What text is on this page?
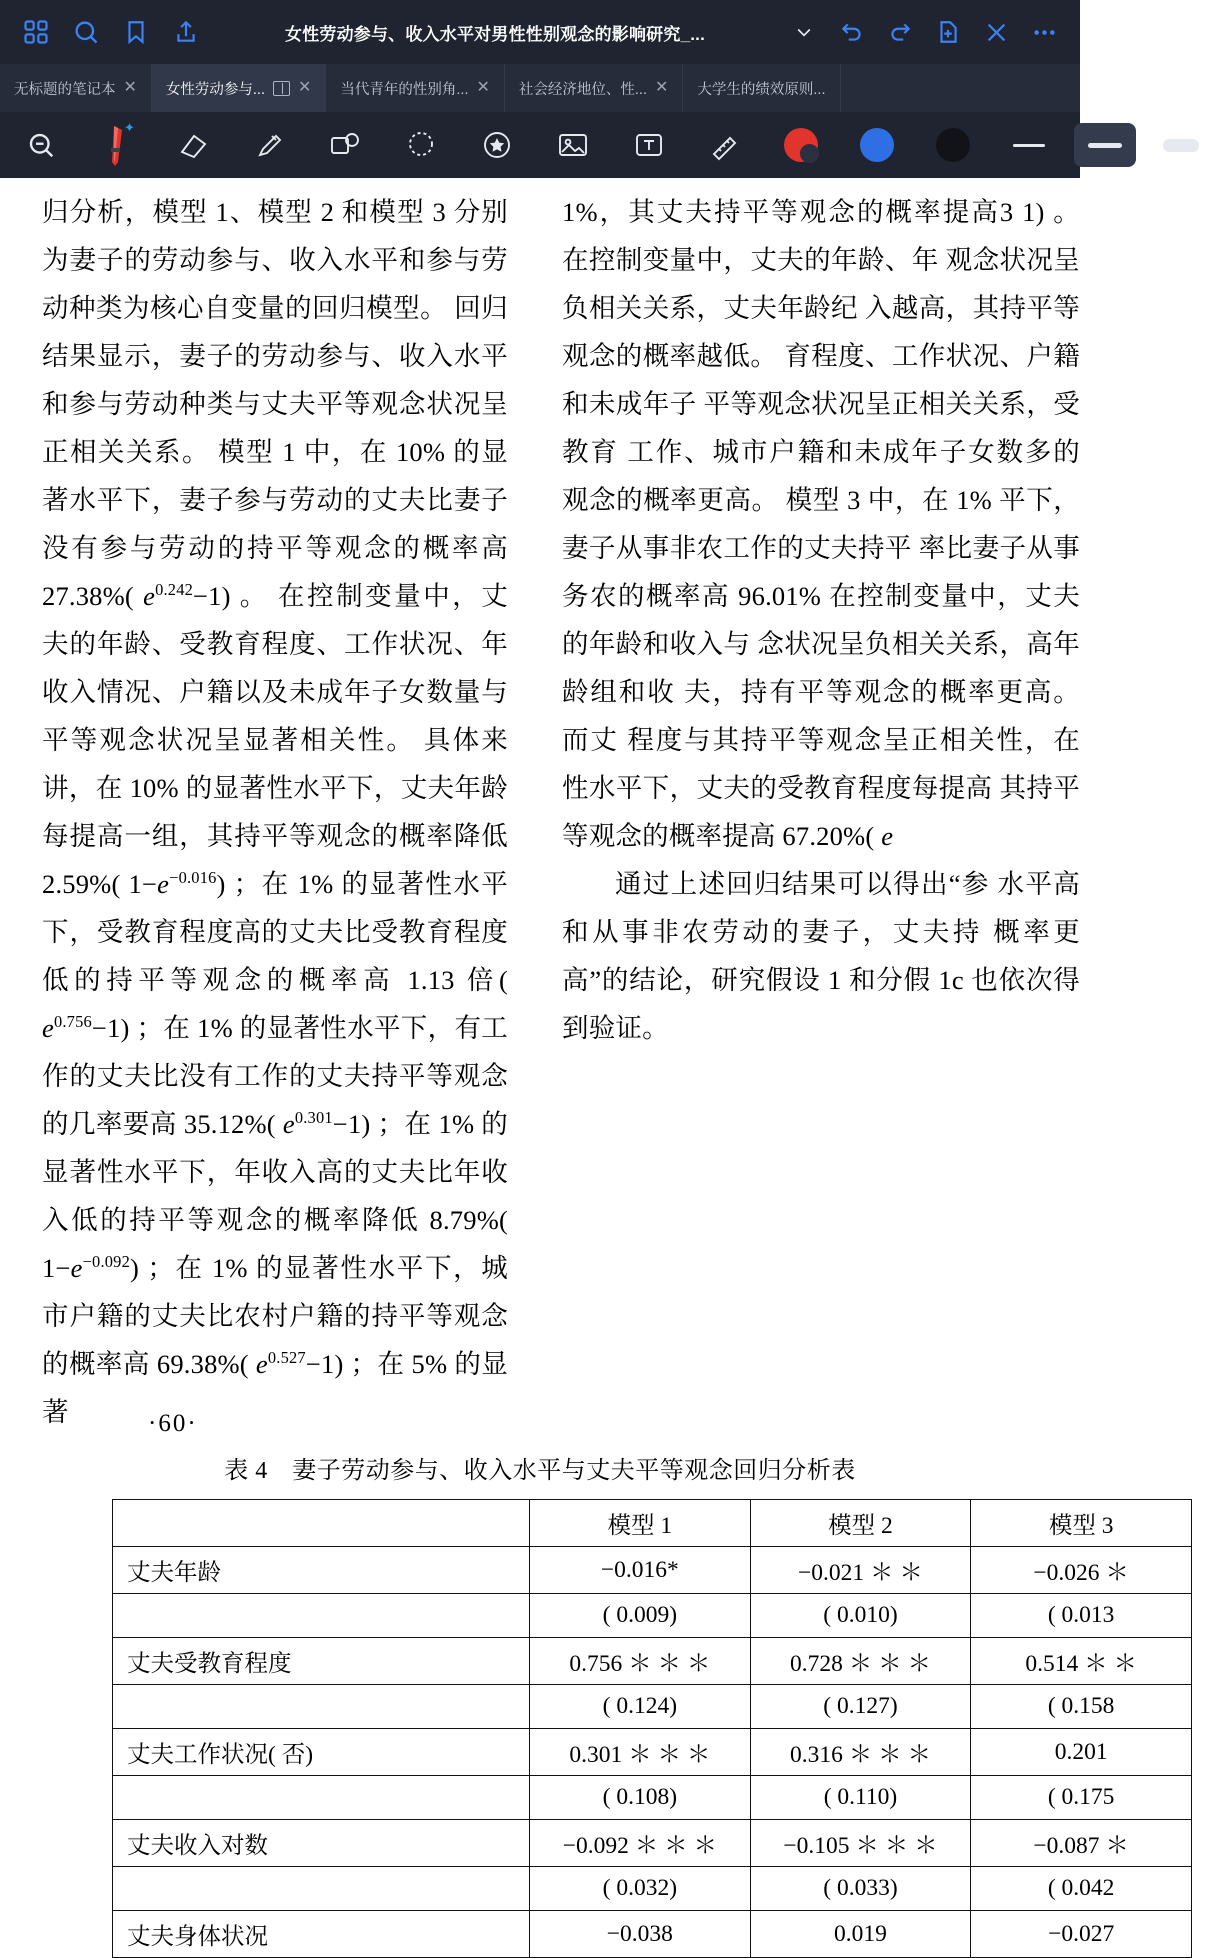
女性劳动参与、收入水平对男性性别观念的影响研究_...
无标题的笔记本 ✕ 女性劳动参与... ✕ 当代青年的性别角... ✕ 社会经济地位、性... ✕ 大学生的绩效原则...
✦
归分析，模型 1、模型 2 和模型 3 分别为妻子的劳动参与、收入水平和参与劳动种类为核心自变量的回归模型。 回归结果显示，妻子的劳动参与、收入水平和参与劳动种类与丈夫平等观念状况呈正相关关系。 模型 1 中，在 10% 的显著水平下，妻子参与劳动的丈夫比妻子没有参与劳动的持平等观念的概率高 27.38%( $e^{0.242}-1$) 。 在控制变量中，丈夫的年龄、受教育程度、工作状况、年收入情况、户籍以及未成年子女数量与平等观念状况呈显著相关性。 具体来讲，在 10% 的显著性水平下，丈夫年龄每提高一组，其持平等观念的概率降低 2.59%( $1-e^{-0.016}$) ；在 1% 的显著性水平下，受教育程度高的丈夫比受教育程度低的持平等观念的概率高 1.13 倍( $e^{0.756}-1$) ；在 1% 的显著性水平下，有工作的丈夫比没有工作的丈夫持平等观念的几率要高 35.12%( $e^{0.301}-1$) ；在 1% 的显著性水平下，年收入高的丈夫比年收入低的持平等观念的概率降低 8.79%( $1-e^{-0.092}$) ；在 1% 的显著性水平下，城市户籍的丈夫比农村户籍的持平等观念的概率高 69.38%( $e^{0.527}-1$) ；在 5% 的显著
1%，其丈夫持平等观念的概率提高3 1) 。 在控制变量中，丈夫的年龄、年 观念状况呈负相关关系，丈夫年龄纪 入越高，其持平等观念的概率越低。 育程度、工作状况、户籍和未成年子 平等观念状况呈正相关关系，受教育 工作、城市户籍和未成年子女数多的 观念的概率更高。 模型 3 中，在 1% 平下，妻子从事非农工作的丈夫持平 率比妻子从事务农的概率高 96.01% 在控制变量中，丈夫的年龄和收入与 念状况呈负相关关系，高年龄组和收 夫，持有平等观念的概率更高。 而丈 程度与其持平等观念呈正相关性，在 性水平下，丈夫的受教育程度每提高 其持平等观念的概率提高 67.20%( e
通过上述回归结果可以得出“参 水平高和从事非农劳动的妻子，丈夫持 概率更高”的结论，研究假设 1 和分假 1c 也依次得到验证。
表 4　妻子劳动参与、收入水平与丈夫平等观念回归分析表
	模型 1	模型 2	模型 3
丈夫年龄	−0.016*	−0.021 ＊ ＊	−0.026 ＊
	( 0.009)	( 0.010)	( 0.013
丈夫受教育程度	0.756 ＊ ＊ ＊	0.728 ＊ ＊ ＊	0.514 ＊ ＊
	( 0.124)	( 0.127)	( 0.158
丈夫工作状况( 否)	0.301 ＊ ＊ ＊	0.316 ＊ ＊ ＊	0.201
	( 0.108)	( 0.110)	( 0.175
丈夫收入对数	−0.092 ＊ ＊ ＊	−0.105 ＊ ＊ ＊	−0.087 ＊
	( 0.032)	( 0.033)	( 0.042
丈夫身体状况	−0.038	0.019	−0.027
·60·
